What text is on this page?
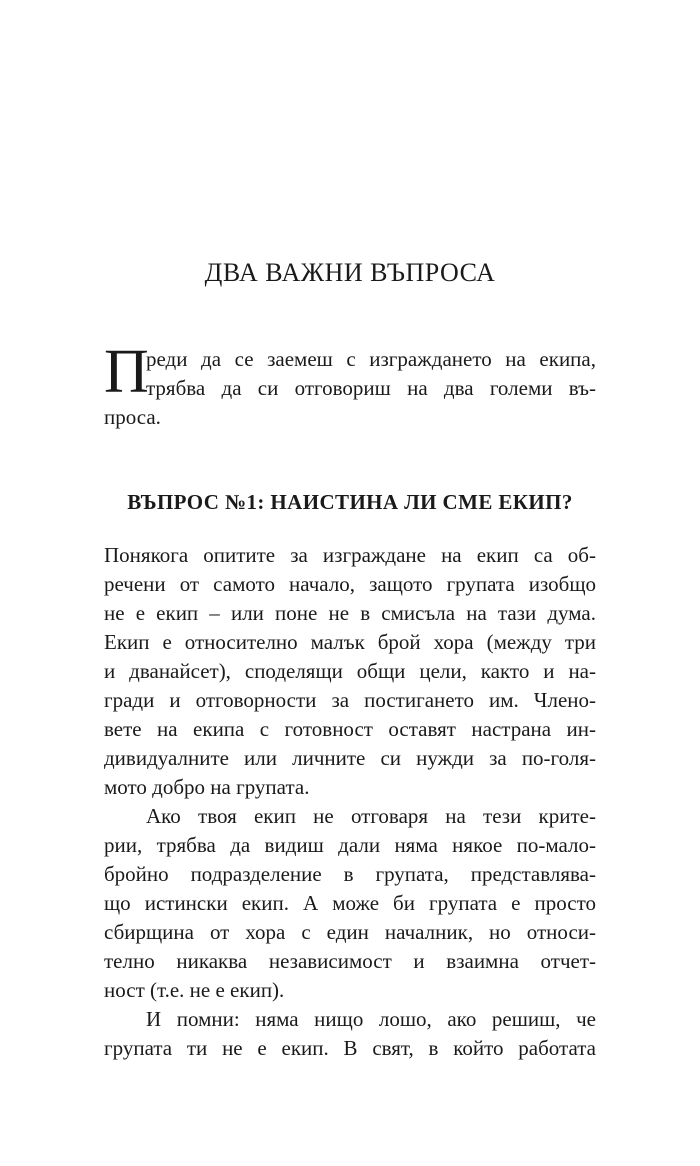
ДВА ВАЖНИ ВЪПРОСА
П
реди да се заемеш с изграждането на екипа,
трябва да си отговориш на два големи въ-
проса.
ВЪПРОС №1: НАИСТИНА ЛИ СМЕ ЕКИП?
Понякога опитите за изграждане на екип са об-
речени от самото начало, защото групата изобщо
не е екип – или поне не в смисъла на тази дума.
Екип е относително малък брой хора (между три
и дванайсет), споделящи общи цели, както и на-
гради и отговорности за постигането им. Члено-
вете на екипа с готовност оставят настрана ин-
дивидуалните или личните си нужди за по-голя-
мото добро на групата.
Ако твоя екип не отговаря на тези крите-
рии, трябва да видиш дали няма някое по-мало-
бройно подразделение в групата, представлява-
що истински екип. А може би групата е просто
сбирщина от хора с един началник, но относи-
телно никаква независимост и взаимна отчет-
ност (т.е. не е екип).
И помни: няма нищо лошо, ако решиш, че
групата ти не е екип. В свят, в който работата
